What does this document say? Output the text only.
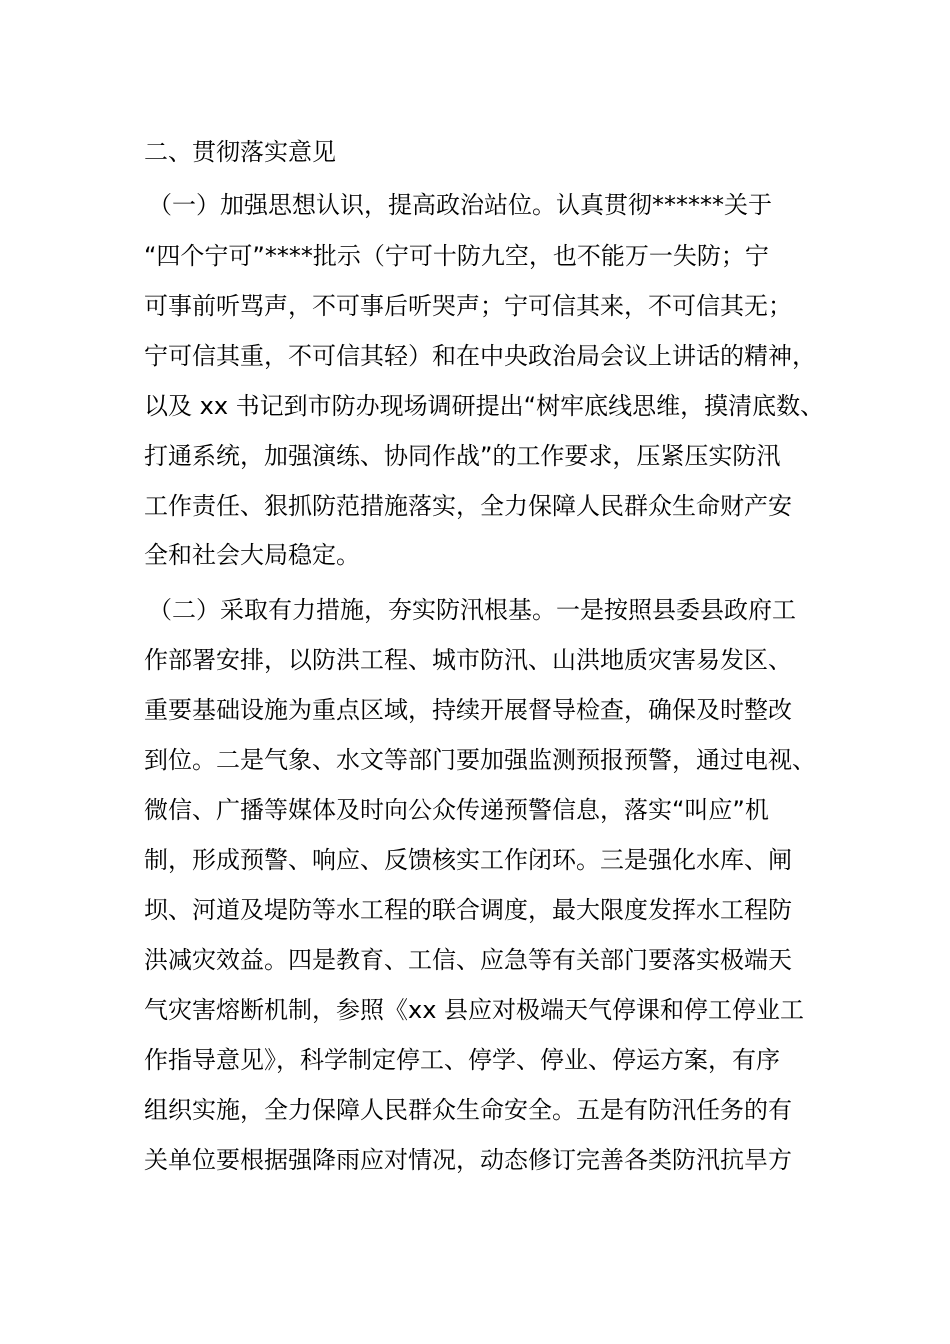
二、贯彻落实意见
（一）加强思想认识，提高政治站位。认真贯彻******关于
“四个宁可”****批示（宁可十防九空，也不能万一失防；宁
可事前听骂声，不可事后听哭声；宁可信其来，不可信其无；
宁可信其重，不可信其轻）和在中央政治局会议上讲话的精神，
以及 xx 书记到市防办现场调研提出“树牢底线思维，摸清底数、
打通系统，加强演练、协同作战”的工作要求，压紧压实防汛
工作责任、狠抓防范措施落实，全力保障人民群众生命财产安
全和社会大局稳定。
（二）采取有力措施，夯实防汛根基。一是按照县委县政府工
作部署安排，以防洪工程、城市防汛、山洪地质灾害易发区、
重要基础设施为重点区域，持续开展督导检查，确保及时整改
到位。二是气象、水文等部门要加强监测预报预警，通过电视、
微信、广播等媒体及时向公众传递预警信息，落实“叫应”机
制，形成预警、响应、反馈核实工作闭环。三是强化水库、闸
坝、河道及堤防等水工程的联合调度，最大限度发挥水工程防
洪减灾效益。四是教育、工信、应急等有关部门要落实极端天
气灾害熔断机制，参照《xx 县应对极端天气停课和停工停业工
作指导意见》，科学制定停工、停学、停业、停运方案，有序
组织实施，全力保障人民群众生命安全。五是有防汛任务的有
关单位要根据强降雨应对情况，动态修订完善各类防汛抗旱方
